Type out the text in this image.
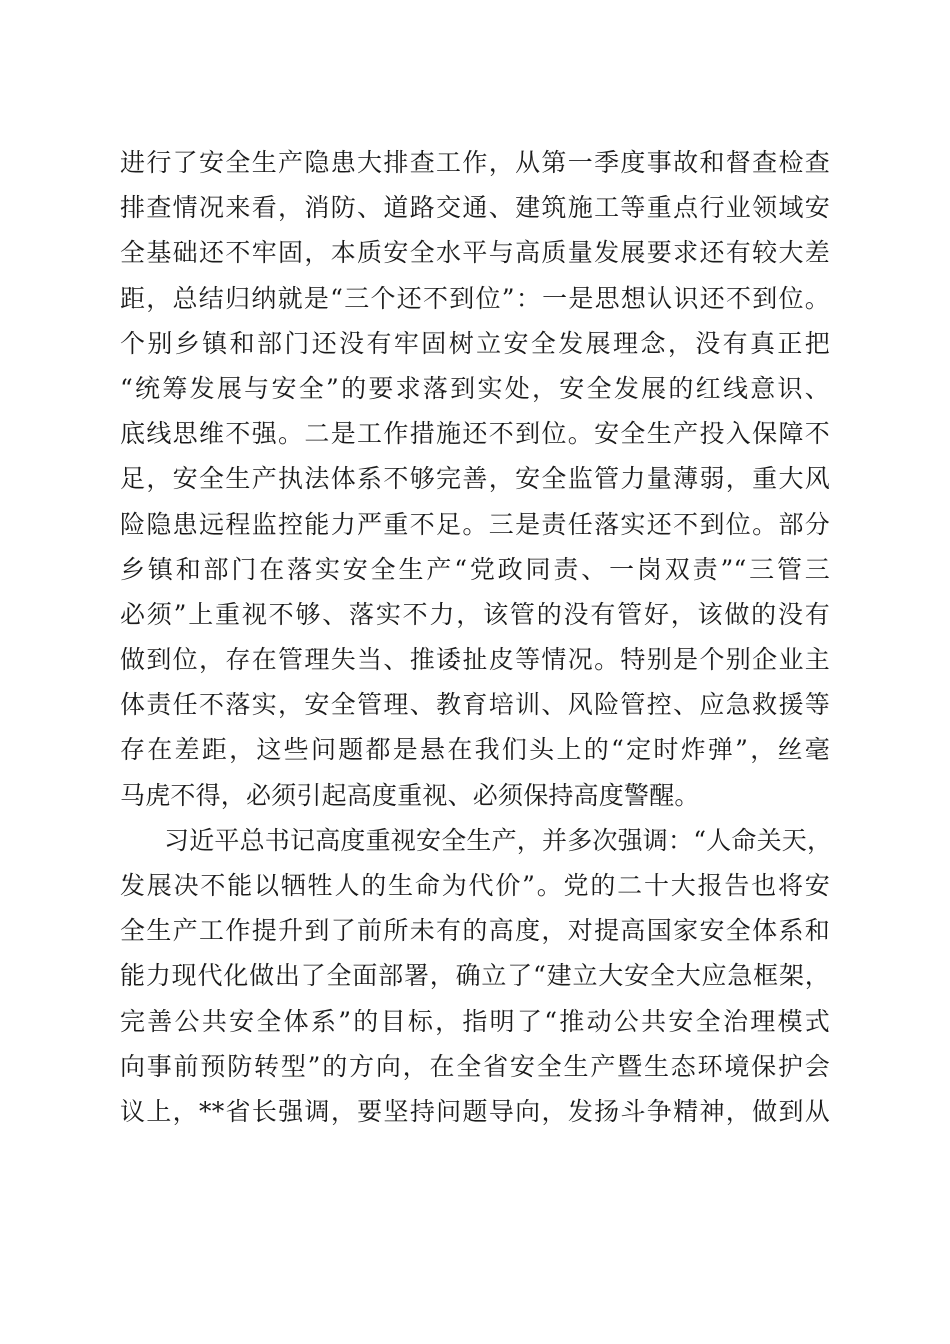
进行了安全生产隐患大排查工作，从第一季度事故和督查检查
排查情况来看，消防、道路交通、建筑施工等重点行业领域安
全基础还不牢固，本质安全水平与高质量发展要求还有较大差
距，总结归纳就是“三个还不到位”：一是思想认识还不到位。
个别乡镇和部门还没有牢固树立安全发展理念，没有真正把
“统筹发展与安全”的要求落到实处，安全发展的红线意识、
底线思维不强。二是工作措施还不到位。安全生产投入保障不
足，安全生产执法体系不够完善，安全监管力量薄弱，重大风
险隐患远程监控能力严重不足。三是责任落实还不到位。部分
乡镇和部门在落实安全生产“党政同责、一岗双责”“三管三
必须”上重视不够、落实不力，该管的没有管好，该做的没有
做到位，存在管理失当、推诿扯皮等情况。特别是个别企业主
体责任不落实，安全管理、教育培训、风险管控、应急救援等
存在差距，这些问题都是悬在我们头上的“定时炸弹”，丝毫
马虎不得，必须引起高度重视、必须保持高度警醒。
习近平总书记高度重视安全生产，并多次强调：“人命关天，
发展决不能以牺牲人的生命为代价”。党的二十大报告也将安
全生产工作提升到了前所未有的高度，对提高国家安全体系和
能力现代化做出了全面部署，确立了“建立大安全大应急框架，
完善公共安全体系”的目标，指明了“推动公共安全治理模式
向事前预防转型”的方向，在全省安全生产暨生态环境保护会
议上，**省长强调，要坚持问题导向，发扬斗争精神，做到从
